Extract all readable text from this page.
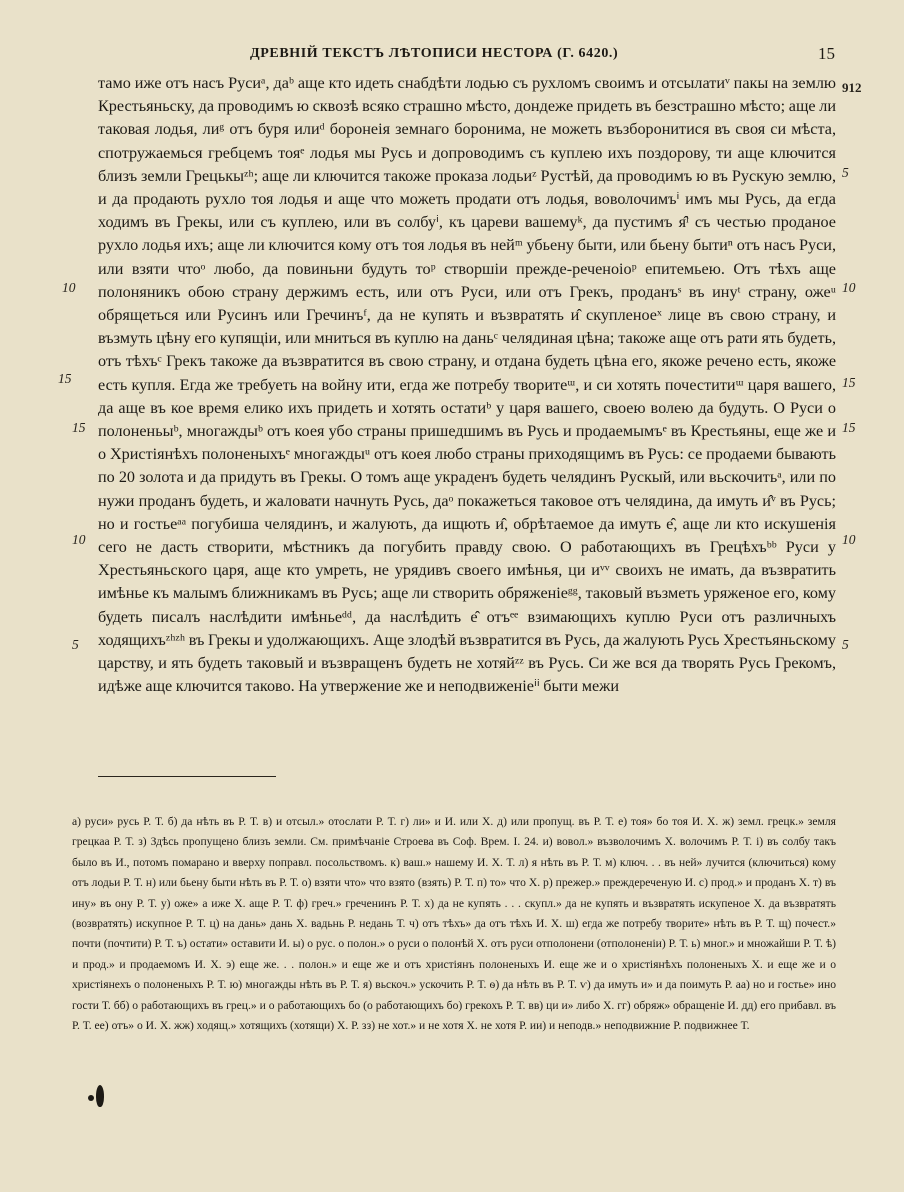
ДРЕВНІЙ ТЕКСТЪ ЛѢТОПИСИ НЕСТОРА (Г. 6420.)	15
912
5
10	10
15	15
15	15
10	10
5	5

тамо иже отъ насъ Русиᵃ, даᵇ аще кто идеть снабдѣти лодью съ рухломъ своимъ и отсылатиᵛ пакы на землю Крестьяньску, да проводимъ ю сквозѣ всяко страшно мѣсто, дондеже придеть въ безстрашно мѣсто; аще ли таковая лодья, лиᵍ отъ буря илиᵈ боронеія земнаго боронима, не можеть възборонитися въ своя си мѣста, спотружаемься гребцемъ тояᵉ лодья мы Русь и допроводимъ съ куплею ихъ поздорову, ти аще ключится близъ земли Грецькыᶻʰ; аще ли ключится такоже проказа лодьиᶻ Рустѣй, да проводимъ ю въ Рускую землю, и да продають рухло тоя лодья и аще что можеть продати отъ лодья, воволочимъⁱ имъ мы Русь, да егда ходимъ въ Грекы, или съ куплею, или въ солбуⁱ, къ цареви вашемуᵏ, да пустимъ я̂ˡ съ честью проданое рухло лодья ихъ; аще ли ключится кому отъ тоя лодья въ нейᵐ убьену быти, или бьену бытиⁿ отъ насъ Руси, или взяти чтоᵒ любо, да повиньни будуть тоᵖ створшіи прежде-реченоіоᵖ епитемьею. Отъ тѣхъ аще полоняникъ обою страну держимъ есть, или отъ Руси, или отъ Грекъ, проданъˢ въ инуᵗ страну, ожеᵘ обрящеться или Русинъ или Гречинъᶠ, да не купять и възвратять и̂ скупленоеˣ лице въ свою страну, и възмуть цѣну его купящіи, или мниться въ куплю на даньᶜ челядиная цѣна; такоже аще отъ рати ять будеть, отъ тѣхъᶜ Грекъ такоже да възвратится въ свою страну, и отдана будеть цѣна его, якоже речено есть, якоже есть купля. Егда же требуеть на войну ити, егда же потребу творитеᵚ, и си хотять почеститиᵚ царя вашего, да аще въ кое время елико ихъ придеть и хотять остатиᵇ у царя вашего, своею волею да будуть. О Руси о полоненьыᵇ, многаждыᵇ отъ коея убо страны пришедшимъ въ Русь и продаемымъᵉ въ Крестьяны, еще же и о Христіянѣхъ полоненыхъᵉ многаждыᵘ отъ коея любо страны приходящимъ въ Русь: се продаеми бывають по 20 золота и да придуть въ Грекы. О томъ аще украденъ будеть челядинъ Рускый, или вьскочитьᵃ, или по нужи проданъ будеть, и жаловати начнуть Русь, даᵒ покажеться таковое отъ челядина, да имуть и̂ᵛ въ Русь; но и гостьеᵃᵃ погубиша челядинъ, и жалують, да ищють и̂, обрѣтаемое да имуть е̂, аще ли кто искушенія сего не дасть створити, мѣстникъ да погубить правду свою. О работающихъ въ Грецѣхъᵇᵇ Руси у Хрестьяньского царя, аще кто умреть, не урядивъ своего имѣнья, ци иᵛᵛ своихъ не имать, да възвратить имѣнье къ малымъ ближникамъ въ Русь; аще ли створить обряженіеᵍᵍ, таковый възметь уряженое его, кому будеть писалъ наслѣдити имѣньеᵈᵈ, да наслѣдить е̂ отъᵉᵉ взимающихъ куплю Руси отъ различныхъ ходящихъᶻʰᶻʰ въ Грекы и удолжающихъ. Аще злодѣй възвратится въ Русь, да жалують Русь Хрестьяньскому царству, и ять будеть таковый и възвращенъ будеть не хотяйᶻᶻ въ Русь. Си же вся да творять Русь Грекомъ, идѣже аще ключится таково. На утвержение же и неподвиженіеⁱⁱ быти межи

а) руси» русь Р. Т. б) да нѣть въ Р. Т. в) и отсыл.» отослати Р. Т. г) ли» и И. или Х. д) или пропущ. въ Р. Т. е) тоя» бо тоя И. Х. ж) земл. грецк.» земля грецкаа Р. Т. з) Здѣсь пропущено близъ земли. См. примѣчаніе Строева въ Соф. Врем. I. 24. и) вовол.» възволочимъ Х. волочимъ Р. Т. і) въ солбу такъ было въ И., потомъ помарано и вверху поправл. посольствомъ. к) ваш.» нашему И. Х. Т. л) я нѣть въ Р. Т. м) ключ. . . въ ней» лучится (ключиться) кому отъ лодьи Р. Т. н) или бьену быти нѣть въ Р. Т. о) взяти что» что взято (взять) Р. Т. п) то» что Х. р) прежеp.» преждереченую И. с) прод.» и проданъ Х. т) въ ину» въ ону Р. Т. у) оже» а иже Х. аще Р. Т. ф) греч.» греченинъ Р. Т. х) да не купять . . . скупл.» да не купять и възвратять искупеное Х. да възвратять (возвратять) искупное Р. Т. ц) на дань» дань Х. вадьнь Р. недань Т. ч) отъ тѣхъ» да отъ тѣхъ И. Х. ш) егда же потребу творите» нѣть въ Р. Т. щ) почест.» почти (почтити) Р. Т. ъ) остати» оставити И. ы) о рус. о полон.» о руси о полонѣй Х. отъ руси отполонени (отполоненіи) Р. Т. ь) мног.» и множайши Р. Т. ѣ) и прод.» и продаемомъ И. Х. э) еще же. . . полон.» и еще же и отъ христіянъ полоненыхъ И. еще же и о христіянѣхъ полоненыхъ Х. и еще же и о христіянехъ о полоненыхъ Р. Т. ю) многажды нѣть въ Р. Т. я) вьскоч.» ускочить Р. Т. ѳ) да нѣть въ Р. Т. ѵ) да имуть и» и да поимуть Р. аа) но и гостье» ино гости Т. бб) о работающихъ въ грец.» и о работающихъ бо (о работающихъ бо) грекохъ Р. Т. вв) ци и» либо Х. гг) обряж» обращеніе И. дд) его прибавл. въ Р. Т. ее) отъ» о И. Х. жж) ходящ.» хотящихъ (хотящи) Х. Р. зз) не хот.» и не хотя Х. не хотя Р. ии) и неподв.» неподвижние Р. подвижнее Т.
